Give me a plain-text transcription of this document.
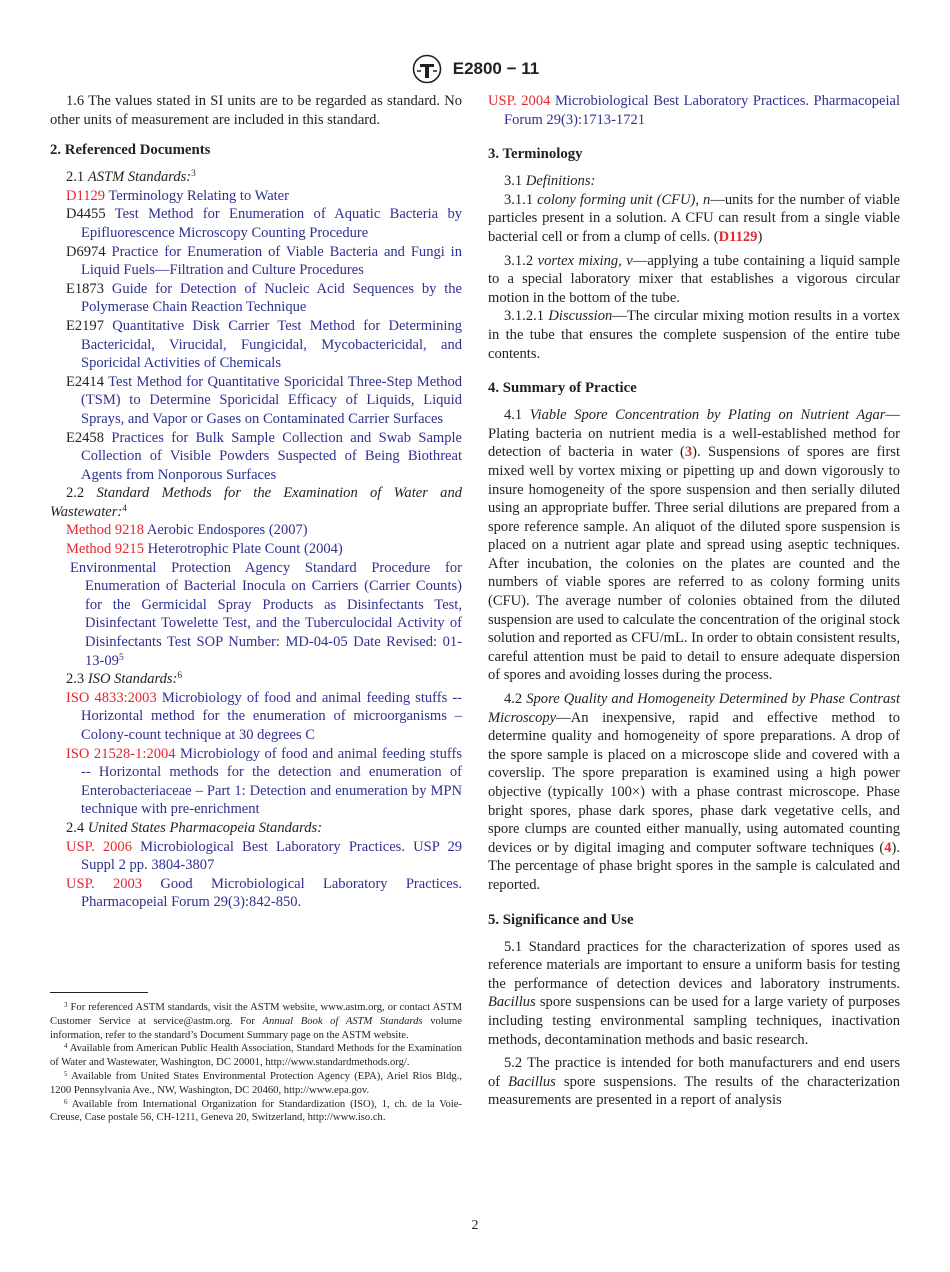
E2800 − 11

1.6 The values stated in SI units are to be regarded as standard. No other units of measurement are included in this standard.

2. Referenced Documents

2.1 ASTM Standards:$^3$

D1129 Terminology Relating to Water

D4455 Test Method for Enumeration of Aquatic Bacteria by Epifluorescence Microscopy Counting Procedure

D6974 Practice for Enumeration of Viable Bacteria and Fungi in Liquid Fuels—Filtration and Culture Procedures

E1873 Guide for Detection of Nucleic Acid Sequences by the Polymerase Chain Reaction Technique

E2197 Quantitative Disk Carrier Test Method for Determining Bactericidal, Virucidal, Fungicidal, Mycobactericidal, and Sporicidal Activities of Chemicals

E2414 Test Method for Quantitative Sporicidal Three-Step Method (TSM) to Determine Sporicidal Efficacy of Liquids, Liquid Sprays, and Vapor or Gases on Contaminated Carrier Surfaces

E2458 Practices for Bulk Sample Collection and Swab Sample Collection of Visible Powders Suspected of Being Biothreat Agents from Nonporous Surfaces

2.2 Standard Methods for the Examination of Water and Wastewater:$^4$

Method 9218 Aerobic Endospores (2007)

Method 9215 Heterotrophic Plate Count (2004)

Environmental Protection Agency Standard Procedure for Enumeration of Bacterial Inocula on Carriers (Carrier Counts) for the Germicidal Spray Products as Disinfectants Test, Disinfectant Towelette Test, and the Tuberculocidal Activity of Disinfectants Test SOP Number: MD-04-05 Date Revised: $01-13-09^5$

2.3 ISO Standards:$^6$

ISO 4833:2003 Microbiology of food and animal feeding stuffs -- Horizontal method for the enumeration of microorganisms – Colony-count technique at 30 degrees C

ISO 21528-1:2004 Microbiology of food and animal feeding stuffs -- Horizontal methods for the detection and enumeration of Enterobacteriaceae – Part 1: Detection and enumeration by MPN technique with pre-enrichment

2.4 United States Pharmacopeia Standards:

USP. 2006 Microbiological Best Laboratory Practices. USP 29 Suppl 2 pp. 3804-3807

USP. 2003 Good Microbiological Laboratory Practices. Pharmacopeial Forum 29(3):842-850.

$^3$ For referenced ASTM standards, visit the ASTM website, www.astm.org, or contact ASTM Customer Service at service@astm.org. For Annual Book of ASTM Standards volume information, refer to the standard’s Document Summary page on the ASTM website.

$^4$ Available from American Public Health Association, Standard Methods for the Examination of Water and Wastewater, Washington, DC 20001, http://www.standardmethods.org/.

$^5$ Available from United States Environmental Protection Agency (EPA), Ariel Rios Bldg., 1200 Pennsylvania Ave., NW, Washington, DC 20460, http://www.epa.gov.

$^6$ Available from International Organization for Standardization (ISO), 1, ch. de la Voie-Creuse, Case postale 56, CH-1211, Geneva 20, Switzerland, http://www.iso.ch.

USP. 2004 Microbiological Best Laboratory Practices. Pharmacopeial Forum 29(3):1713-1721

3. Terminology

3.1 Definitions:

3.1.1 colony forming unit (CFU), n—units for the number of viable particles present in a solution. A CFU can result from a single viable bacterial cell or from a clump of cells. (D1129)

3.1.2 vortex mixing, v—applying a tube containing a liquid sample to a special laboratory mixer that establishes a vigorous circular motion in the bottom of the tube.

3.1.2.1 Discussion—The circular mixing motion results in a vortex in the tube that ensures the complete suspension of the entire tube contents.

4. Summary of Practice

4.1 Viable Spore Concentration by Plating on Nutrient Agar—Plating bacteria on nutrient media is a well-established method for detection of bacteria in water (3). Suspensions of spores are first mixed well by vortex mixing or pipetting up and down vigorously to insure homogeneity of the spore suspension and then serially diluted using an appropriate buffer. Three serial dilutions are prepared from a spore reference sample. An aliquot of the diluted spore suspension is placed on a nutrient agar plate and spread using aseptic techniques. After incubation, the colonies on the plates are counted and the numbers of viable spores are referred to as colony forming units (CFU). The average number of colonies obtained from the diluted suspension are used to calculate the concentration of the original stock solution and reported as CFU/mL. In order to obtain consistent results, careful attention must be paid to detail to ensure adequate dispersion of spores and avoiding losses during the process.

4.2 Spore Quality and Homogeneity Determined by Phase Contrast Microscopy—An inexpensive, rapid and effective method to determine quality and homogeneity of spore preparations. A drop of the spore sample is placed on a microscope slide and covered with a coverslip. The spore preparation is examined using a high power objective (typically 100×) with a phase contrast microscope. Phase bright spores, phase dark spores, phase dark vegetative cells, and spore clumps are counted either manually, using automated counting devices or by digital imaging and computer software techniques (4). The percentage of phase bright spores in the sample is calculated and reported.

5. Significance and Use

5.1 Standard practices for the characterization of spores used as reference materials are important to ensure a uniform basis for testing the performance of detection devices and laboratory instruments. Bacillus spore suspensions can be used for a large variety of purposes including testing environmental sampling techniques, inactivation methods, decontamination methods and basic research.

5.2 The practice is intended for both manufacturers and end users of Bacillus spore suspensions. The results of the characterization measurements are presented in a report of analysis

2
